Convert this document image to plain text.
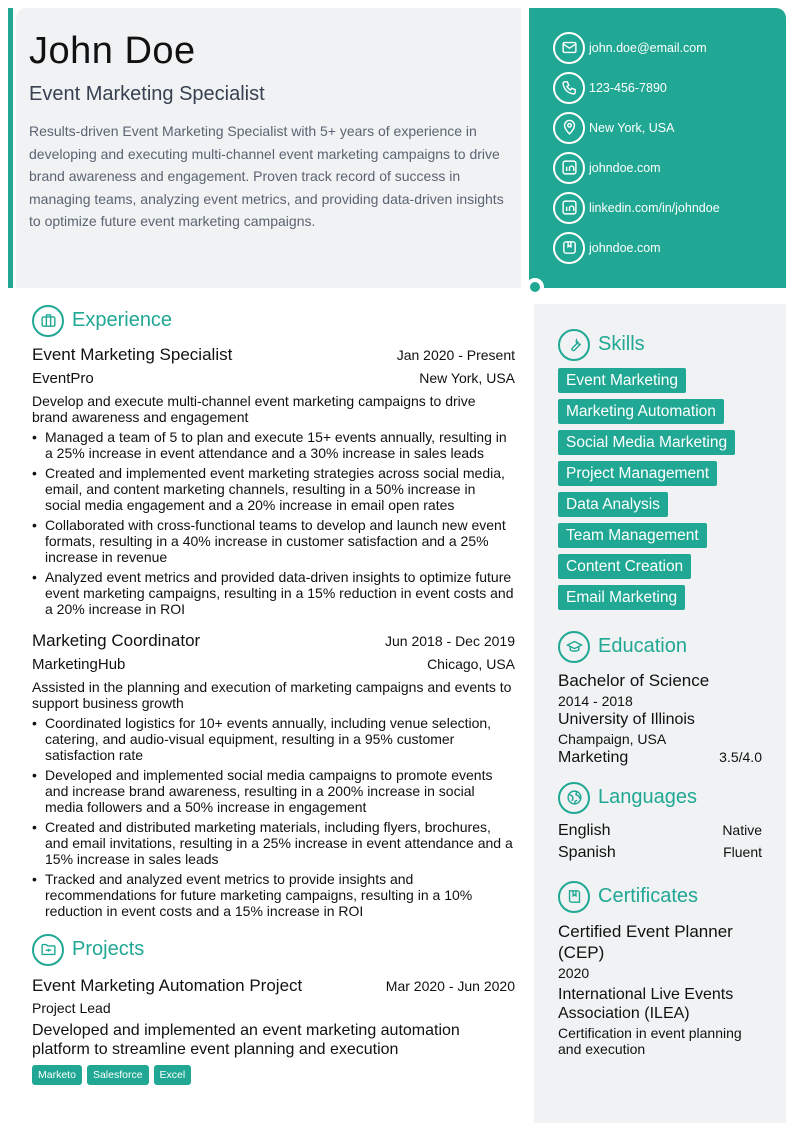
John Doe
Event Marketing Specialist

Results-driven Event Marketing Specialist with 5+ years of experience in developing and executing multi-channel event marketing campaigns to drive brand awareness and engagement. Proven track record of success in managing teams, analyzing event metrics, and providing data-driven insights to optimize future event marketing campaigns.

john.doe@email.com
123-456-7890
New York, USA
johndoe.com
linkedin.com/in/johndoe
johndoe.com
Experience
Event Marketing Specialist	Jan 2020 - Present
EventPro	New York, USA

Develop and execute multi-channel event marketing campaigns to drive brand awareness and engagement

• Managed a team of 5 to plan and execute 15+ events annually, resulting in a 25% increase in event attendance and a 30% increase in sales leads
• Created and implemented event marketing strategies across social media, email, and content marketing channels, resulting in a 50% increase in social media engagement and a 20% increase in email open rates
• Collaborated with cross-functional teams to develop and launch new event formats, resulting in a 40% increase in customer satisfaction and a 25% increase in revenue
• Analyzed event metrics and provided data-driven insights to optimize future event marketing campaigns, resulting in a 15% reduction in event costs and a 20% increase in ROI
Marketing Coordinator	Jun 2018 - Dec 2019
MarketingHub	Chicago, USA

Assisted in the planning and execution of marketing campaigns and events to support business growth

• Coordinated logistics for 10+ events annually, including venue selection, catering, and audio-visual equipment, resulting in a 95% customer satisfaction rate
• Developed and implemented social media campaigns to promote events and increase brand awareness, resulting in a 200% increase in social media followers and a 50% increase in engagement
• Created and distributed marketing materials, including flyers, brochures, and email invitations, resulting in a 25% increase in event attendance and a 15% increase in sales leads
• Tracked and analyzed event metrics to provide insights and recommendations for future marketing campaigns, resulting in a 10% reduction in event costs and a 15% increase in ROI
Projects
Event Marketing Automation Project	Mar 2020 - Jun 2020
Project Lead

Developed and implemented an event marketing automation platform to streamline event planning and execution

Marketo Salesforce Excel
Skills
Event Marketing
Marketing Automation
Social Media Marketing
Project Management
Data Analysis
Team Management
Content Creation
Email Marketing
Education
Bachelor of Science
2014 - 2018
University of Illinois
Champaign, USA
Marketing	3.5/4.0
Languages
English	Native
Spanish	Fluent
Certificates
Certified Event Planner (CEP)
2020
International Live Events Association (ILEA)
Certification in event planning and execution
